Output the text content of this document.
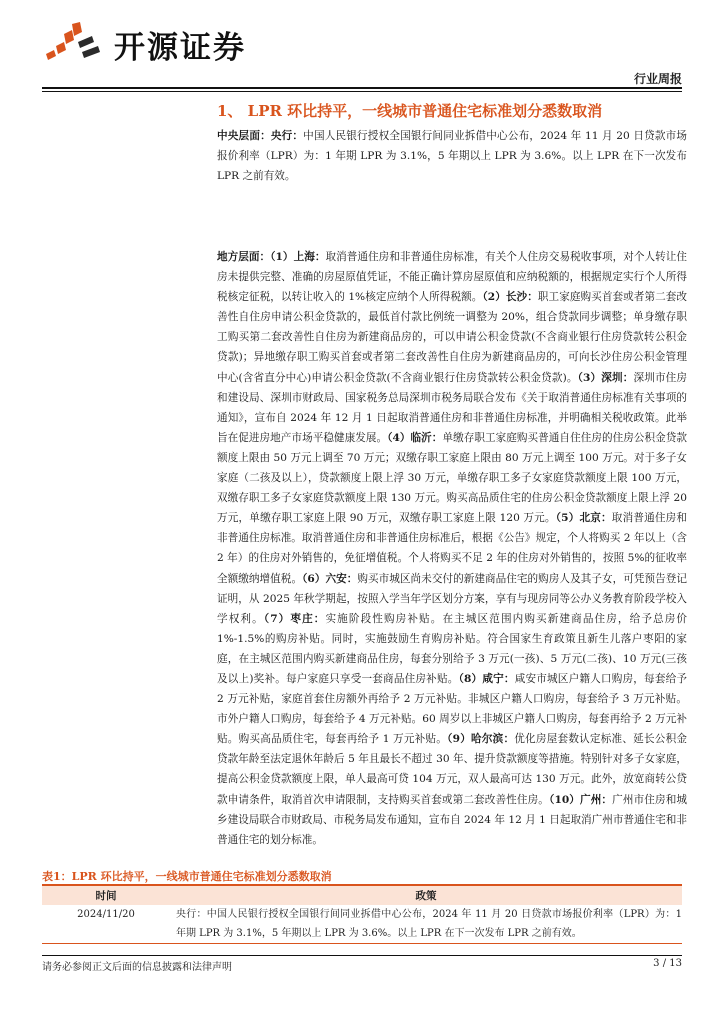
开源证券
行业周报
1、 LPR 环比持平，一线城市普通住宅标准划分悉数取消

中央层面：央行：中国人民银行授权全国银行间同业拆借中心公布，2024 年 11 月 20 日贷款市场报价利率（LPR）为：1 年期 LPR 为 3.1%，5 年期以上 LPR 为 3.6%。以上 LPR 在下一次发布 LPR 之前有效。

地方层面：（1）上海：取消普通住房和非普通住房标准，有关个人住房交易税收事项，对个人转让住房未提供完整、准确的房屋原值凭证，不能正确计算房屋原值和应纳税额的，根据规定实行个人所得税核定征税，以转让收入的 1%核定应纳个人所得税额。（2）长沙：职工家庭购买首套或者第二套改善性自住房申请公积金贷款的，最低首付款比例统一调整为 20%，组合贷款同步调整；单身缴存职工购买第二套改善性自住房为新建商品房的，可以申请公积金贷款(不含商业银行住房贷款转公积金贷款)；异地缴存职工购买首套或者第二套改善性自住房为新建商品房的，可向长沙住房公积金管理中心(含省直分中心)申请公积金贷款(不含商业银行住房贷款转公积金贷款)。（3）深圳：深圳市住房和建设局、深圳市财政局、国家税务总局深圳市税务局联合发布《关于取消普通住房标准有关事项的通知》，宣布自 2024 年 12 月 1 日起取消普通住房和非普通住房标准，并明确相关税收政策。此举旨在促进房地产市场平稳健康发展。（4）临沂：单缴存职工家庭购买普通自住住房的住房公积金贷款额度上限由 50 万元上调至 70 万元；双缴存职工家庭上限由 80 万元上调至 100 万元。对于多子女家庭（二孩及以上），贷款额度上限上浮 30 万元，单缴存职工多子女家庭贷款额度上限 100 万元，双缴存职工多子女家庭贷款额度上限 130 万元。购买高品质住宅的住房公积金贷款额度上限上浮 20 万元，单缴存职工家庭上限 90 万元，双缴存职工家庭上限 120 万元。（5）北京：取消普通住房和非普通住房标准。取消普通住房和非普通住房标准后，根据《公告》规定，个人将购买 2 年以上（含 2 年）的住房对外销售的，免征增值税。个人将购买不足 2 年的住房对外销售的，按照 5%的征收率全额缴纳增值税。（6）六安：购买市城区尚未交付的新建商品住宅的购房人及其子女，可凭预告登记证明，从 2025 年秋学期起，按照入学当年学区划分方案，享有与现房同等公办义务教育阶段学校入学权利。（7）枣庄：实施阶段性购房补贴。在主城区范围内购买新建商品住房，给予总房价 1%-1.5%的购房补贴。同时，实施鼓励生育购房补贴。符合国家生育政策且新生儿落户枣阳的家庭，在主城区范围内购买新建商品住房，每套分别给予 3 万元(一孩)、5 万元(二孩)、10 万元(三孩及以上)奖补。每户家庭只享受一套商品住房补贴。（8）咸宁：咸安市城区户籍人口购房，每套给予 2 万元补贴，家庭首套住房额外再给予 2 万元补贴。非城区户籍人口购房，每套给予 3 万元补贴。市外户籍人口购房，每套给予 4 万元补贴。60 周岁以上非城区户籍人口购房，每套再给予 2 万元补贴。购买高品质住宅，每套再给予 1 万元补贴。（9）哈尔滨：优化房屋套数认定标准、延长公积金贷款年龄至法定退休年龄后 5 年且最长不超过 30 年、提升贷款额度等措施。特别针对多子女家庭，提高公积金贷款额度上限，单人最高可贷 104 万元，双人最高可达 130 万元。此外，放宽商转公贷款申请条件，取消首次申请限制，支持购买首套或第二套改善性住房。（10）广州：广州市住房和城乡建设局联合市财政局、市税务局发布通知，宣布自 2024 年 12 月 1 日起取消广州市普通住宅和非普通住宅的划分标准。

表1：LPR 环比持平，一线城市普通住宅标准划分悉数取消
时间	政策
2024/11/20	央行：中国人民银行授权全国银行间同业拆借中心公布，2024 年 11 月 20 日贷款市场报价利率（LPR）为：1 年期 LPR 为 3.1%，5 年期以上 LPR 为 3.6%。以上 LPR 在下一次发布 LPR 之前有效。
请务必参阅正文后面的信息披露和法律声明	3 / 13
